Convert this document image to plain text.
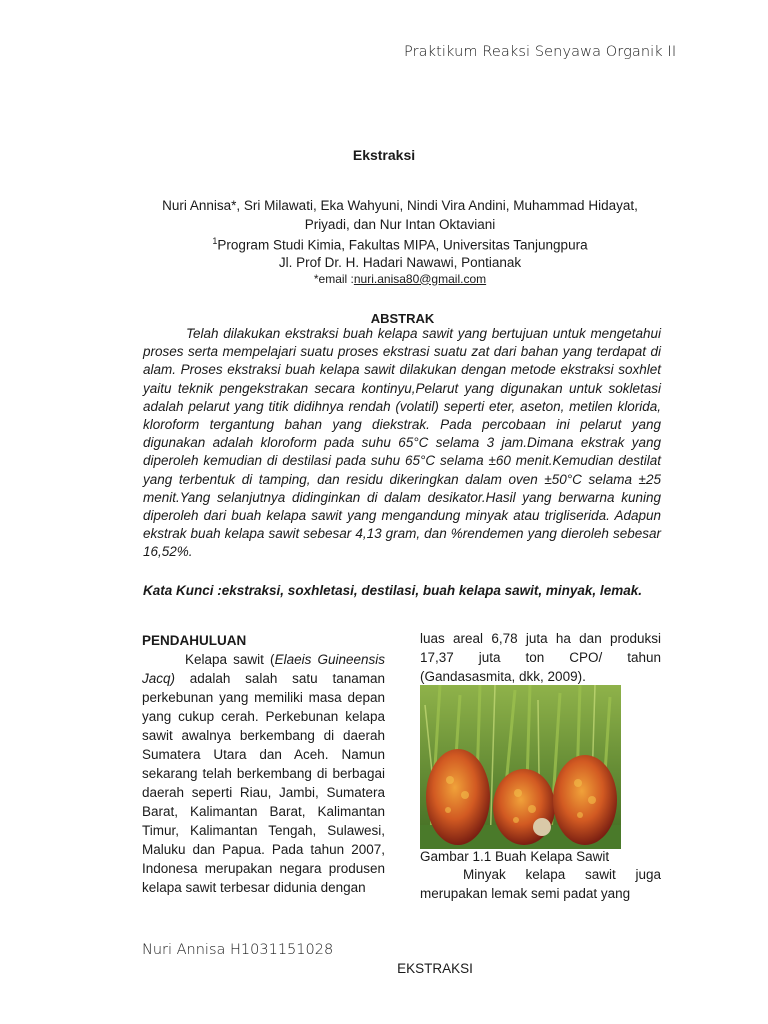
Praktikum Reaksi Senyawa Organik II
Ekstraksi
Nuri Annisa*, Sri Milawati, Eka Wahyuni, Nindi Vira Andini, Muhammad Hidayat, Priyadi, dan Nur Intan Oktaviani
$^1$Program Studi Kimia, Fakultas MIPA, Universitas Tanjungpura
Jl. Prof Dr. H. Hadari Nawawi, Pontianak
*email :nuri.anisa80@gmail.com
ABSTRAK
Telah dilakukan ekstraksi buah kelapa sawit yang bertujuan untuk mengetahui proses serta mempelajari suatu proses ekstrasi suatu zat dari bahan yang terdapat di alam. Proses ekstraksi buah kelapa sawit dilakukan dengan metode ekstraksi soxhlet yaitu teknik pengekstrakan secara kontinyu,Pelarut yang digunakan untuk sokletasi adalah pelarut yang titik didihnya rendah (volatil) seperti eter, aseton, metilen klorida, kloroform tergantung bahan yang diekstrak. Pada percobaan ini pelarut yang digunakan adalah kloroform pada suhu 65°C selama 3 jam.Dimana ekstrak yang diperoleh kemudian di destilasi pada suhu 65°C selama ±60 menit.Kemudian destilat yang terbentuk di tamping, dan residu dikeringkan dalam oven ±50°C selama ±25 menit.Yang selanjutnya didinginkan di dalam desikator.Hasil yang berwarna kuning diperoleh dari buah kelapa sawit yang mengandung minyak atau trigliserida. Adapun ekstrak buah kelapa sawit sebesar 4,13 gram, dan %rendemen yang dieroleh sebesar 16,52%.
Kata Kunci :ekstraksi, soxhletasi, destilasi, buah kelapa sawit, minyak, lemak.
PENDAHULUAN
Kelapa sawit (Elaeis Guineensis Jacq) adalah salah satu tanaman perkebunan yang memiliki masa depan yang cukup cerah. Perkebunan kelapa sawit awalnya berkembang di daerah Sumatera Utara dan Aceh. Namun sekarang telah berkembang di berbagai daerah seperti Riau, Jambi, Sumatera Barat, Kalimantan Barat, Kalimantan Timur, Kalimantan Tengah, Sulawesi, Maluku dan Papua. Pada tahun 2007, Indonesa merupakan negara produsen kelapa sawit terbesar didunia dengan
luas areal 6,78 juta ha dan produksi 17,37 juta ton CPO/ tahun (Gandasasmita, dkk, 2009).
Gambar 1.1 Buah Kelapa Sawit
Minyak kelapa sawit juga merupakan lemak semi padat yang
Nuri Annisa H1031151028
EKSTRAKSI
